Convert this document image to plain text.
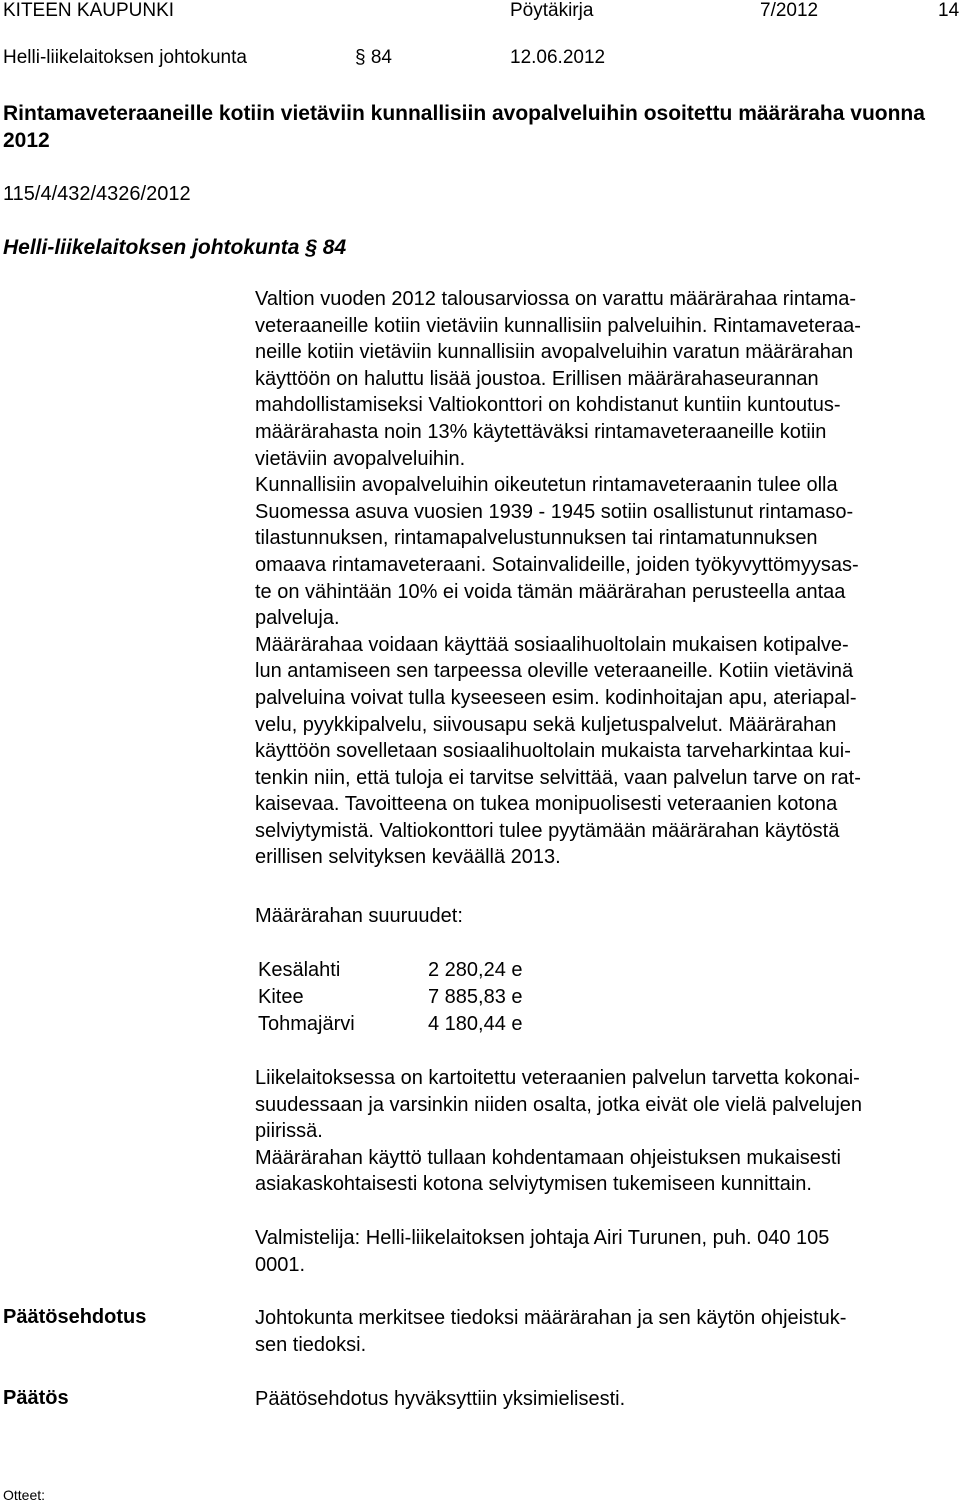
KITEEN KAUPUNKI	Pöytäkirja	7/2012	14
Helli-liikelaitoksen johtokunta	§ 84	12.06.2012
Rintamaveteraaneille kotiin vietäviin kunnallisiin avopalveluihin osoitettu määräraha vuonna 2012
115/4/432/4326/2012
Helli-liikelaitoksen johtokunta § 84

Valtion vuoden 2012 talousarviossa on varattu määrärahaa rintama-

veteraaneille kotiin vietäviin kunnallisiin palveluihin. Rintamaveteraa-

neille kotiin vietäviin kunnallisiin avopalveluihin varatun määrärahan

käyttöön on haluttu lisää joustoa. Erillisen määrärahaseurannan

mahdollistamiseksi Valtiokonttori on kohdistanut kuntiin kuntoutus-

määrärahasta noin 13% käytettäväksi rintamaveteraaneille kotiin

vietäviin avopalveluihin.

Kunnallisiin avopalveluihin oikeutetun rintamaveteraanin tulee olla

Suomessa asuva vuosien 1939 - 1945 sotiin osallistunut rintamaso-

tilastunnuksen, rintamapalvelustunnuksen tai rintamatunnuksen

omaava rintamaveteraani. Sotainvalideille, joiden työkyvyttömyysas-

te on vähintään 10% ei voida tämän määrärahan perusteella antaa

palveluja.

Määrärahaa voidaan käyttää sosiaalihuoltolain mukaisen kotipalve-

lun antamiseen sen tarpeessa oleville veteraaneille. Kotiin vietävinä

palveluina voivat tulla kyseeseen esim. kodinhoitajan apu, ateriapal-

velu, pyykkipalvelu, siivousapu sekä kuljetuspalvelut. Määrärahan

käyttöön sovelletaan sosiaalihuoltolain mukaista tarveharkintaa kui-

tenkin niin, että tuloja ei tarvitse selvittää, vaan palvelun tarve on rat-

kaisevaa. Tavoitteena on tukea monipuolisesti veteraanien kotona

selviytymistä. Valtiokonttori tulee pyytämään määrärahan käytöstä

erillisen selvityksen keväällä 2013.

Määrärahan suuruudet:
Kesälahti	2 280,24 e
Kitee	7 885,83 e
Tohmajärvi	4 180,44 e

Liikelaitoksessa on kartoitettu veteraanien palvelun tarvetta kokonai-

suudessaan ja varsinkin niiden osalta, jotka eivät ole vielä palvelujen

piirissä.

Määrärahan käyttö tullaan kohdentamaan ohjeistuksen mukaisesti

asiakaskohtaisesti kotona selviytymisen tukemiseen kunnittain.

Valmistelija: Helli-liikelaitoksen johtaja Airi Turunen, puh. 040 105

0001.

Päätösehdotus	Johtokunta merkitsee tiedoksi määrärahan ja sen käytön ohjeistuk-

sen tiedoksi.

Päätös	Päätösehdotus hyväksyttiin yksimielisesti.
Otteet:
